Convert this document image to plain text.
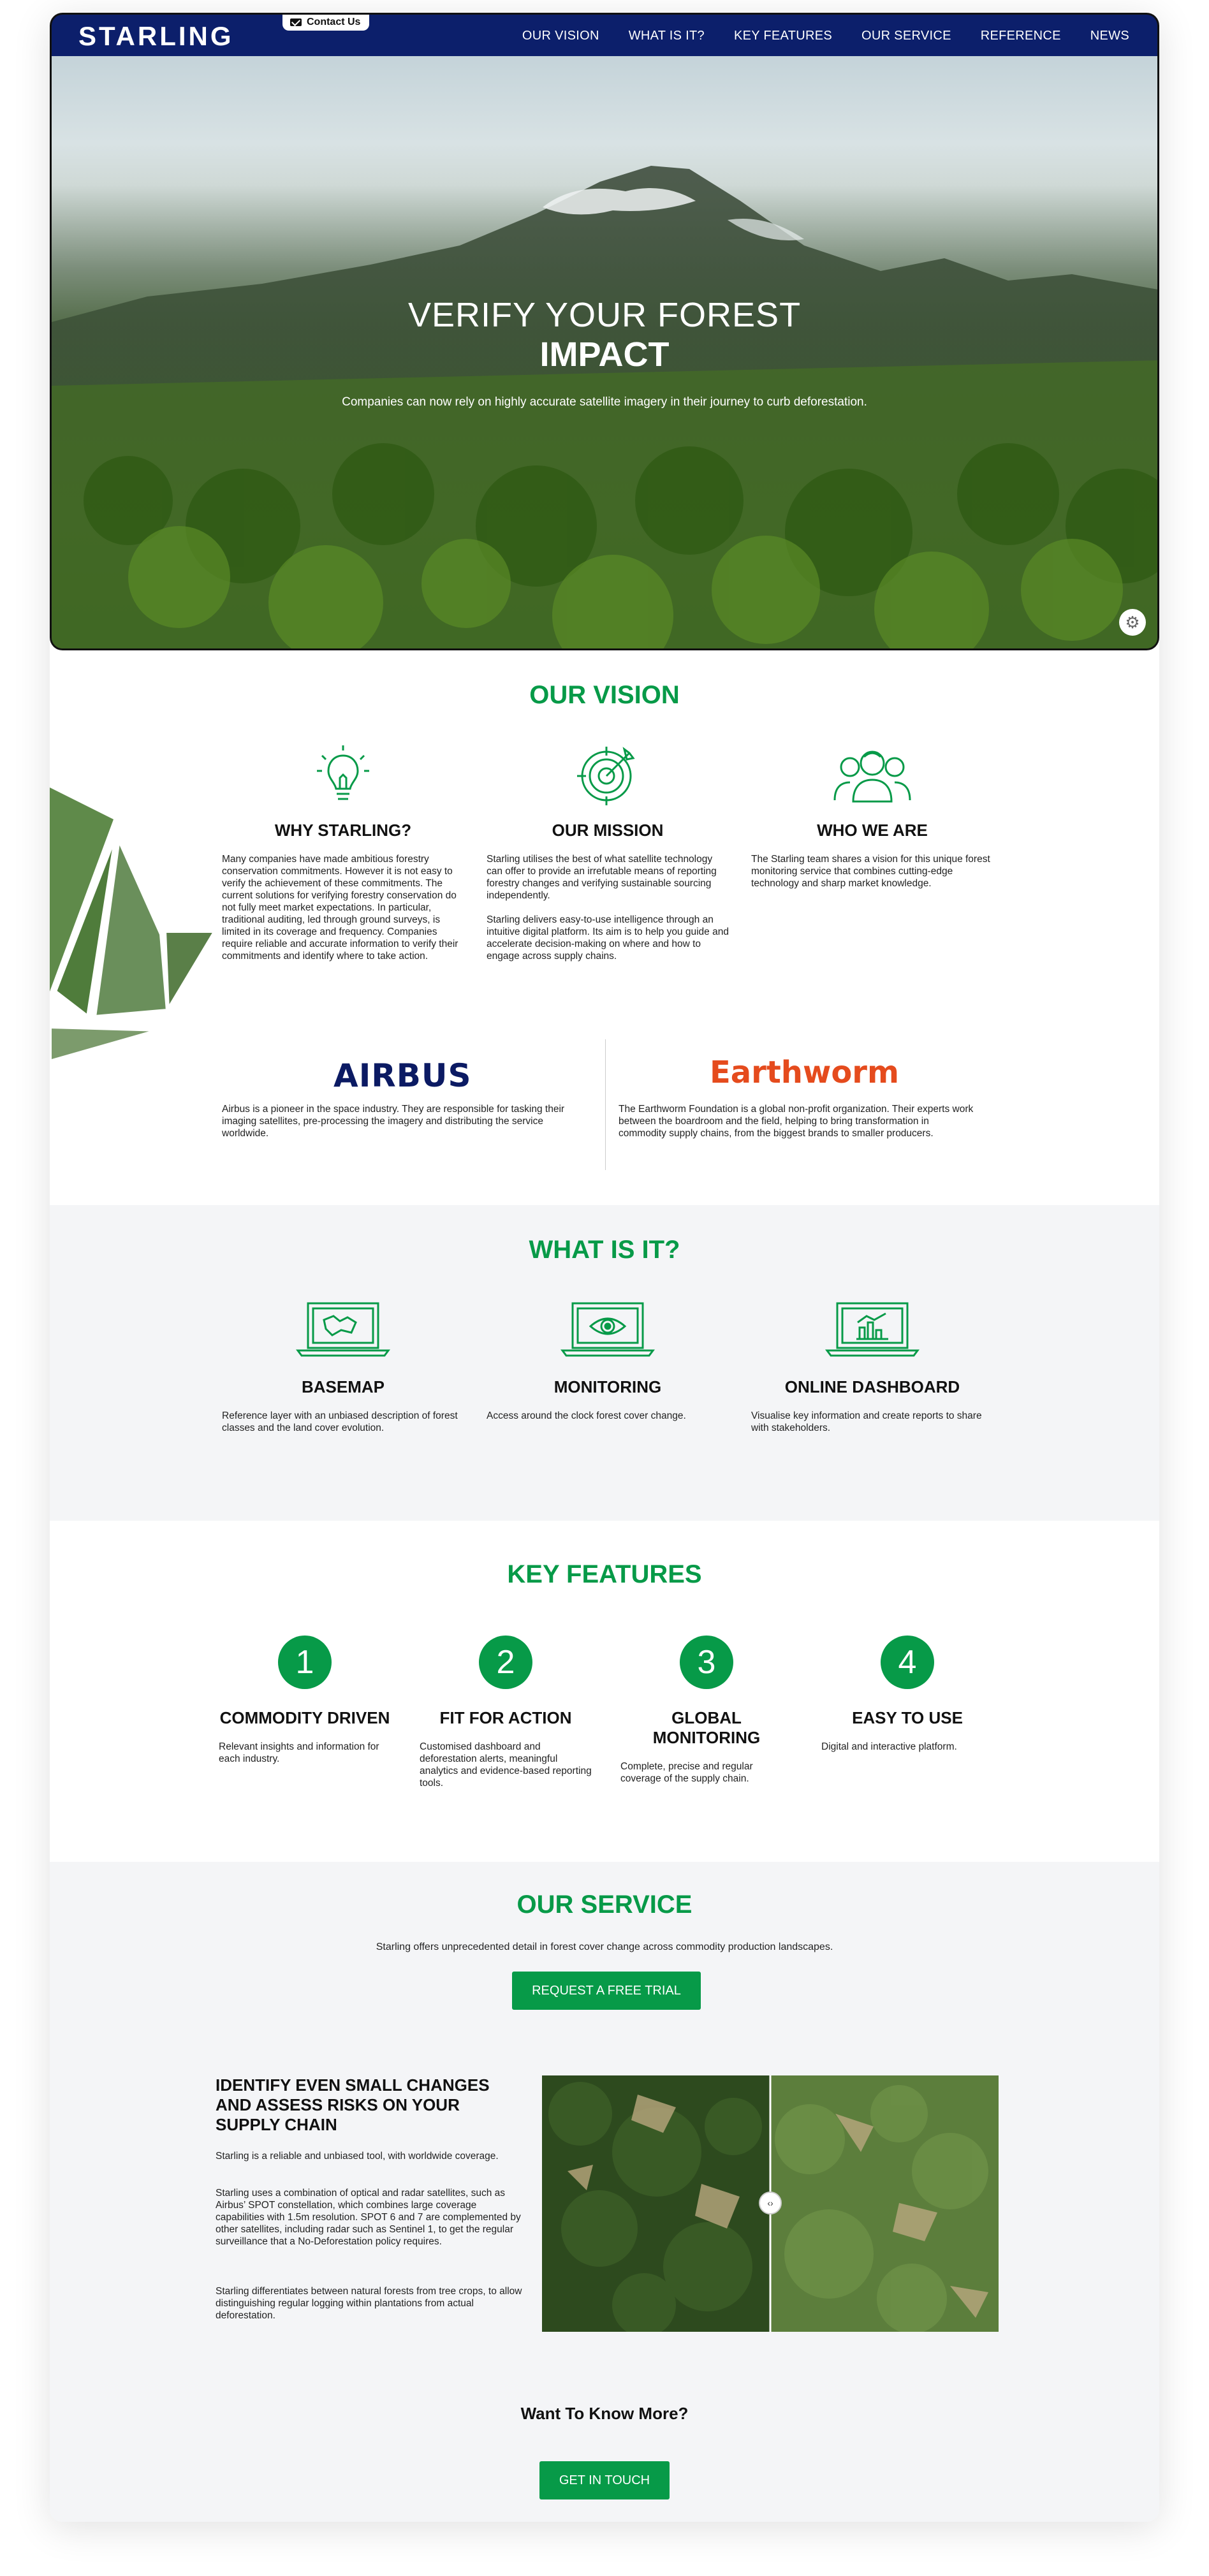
STARLING	Contact Us
OUR VISION WHAT IS IT? KEY FEATURES OUR SERVICE REFERENCE NEWS
VERIFY YOUR FOREST
IMPACT
Companies can now rely on highly accurate satellite imagery in their journey to curb deforestation.
⚙
OUR VISION
WHY STARLING?

Many companies have made ambitious forestry conservation commitments. However it is not easy to verify the achievement of these commitments. The current solutions for verifying forestry conservation do not fully meet market expectations. In particular, traditional auditing, led through ground surveys, is limited in its coverage and frequency. Companies require reliable and accurate information to verify their commitments and identify where to take action.

OUR MISSION

Starling utilises the best of what satellite technology can offer to provide an irrefutable means of reporting forestry changes and verifying sustainable sourcing independently.

Starling delivers easy-to-use intelligence through an intuitive digital platform. Its aim is to help you guide and accelerate decision-making on where and how to engage across supply chains.

WHO WE ARE

The Starling team shares a vision for this unique forest monitoring service that combines cutting-edge technology and sharp market knowledge.

AIRBUS
Airbus is a pioneer in the space industry. They are responsible for tasking their imaging satellites, pre-processing the imagery and distributing the service worldwide.
Earthworm
The Earthworm Foundation is a global non-profit organization. Their experts work between the boardroom and the field, helping to bring transformation in commodity supply chains, from the biggest brands to smaller producers.
WHAT IS IT?
BASEMAP

Reference layer with an unbiased description of forest classes and the land cover evolution.

MONITORING

Access around the clock forest cover change.

ONLINE DASHBOARD

Visualise key information and create reports to share with stakeholders.

KEY FEATURES
1
COMMODITY DRIVEN

Relevant insights and information for each industry.

2
FIT FOR ACTION

Customised dashboard and deforestation alerts, meaningful analytics and evidence-based reporting tools.

3
GLOBAL MONITORING

Complete, precise and regular coverage of the supply chain.

4
EASY TO USE

Digital and interactive platform.

OUR SERVICE
Starling offers unprecedented detail in forest cover change across commodity production landscapes.
REQUEST A FREE TRIAL
IDENTIFY EVEN SMALL CHANGES AND ASSESS RISKS ON YOUR SUPPLY CHAIN
Starling is a reliable and unbiased tool, with worldwide coverage.
Starling uses a combination of optical and radar satellites, such as Airbus’ SPOT constellation, which combines large coverage capabilities with 1.5m resolution. SPOT 6 and 7 are complemented by other satellites, including radar such as Sentinel 1, to get the regular surveillance that a No-Deforestation policy requires.
Starling differentiates between natural forests from tree crops, to allow distinguishing regular logging within plantations from actual deforestation.
‹›
Want To Know More?
GET IN TOUCH
